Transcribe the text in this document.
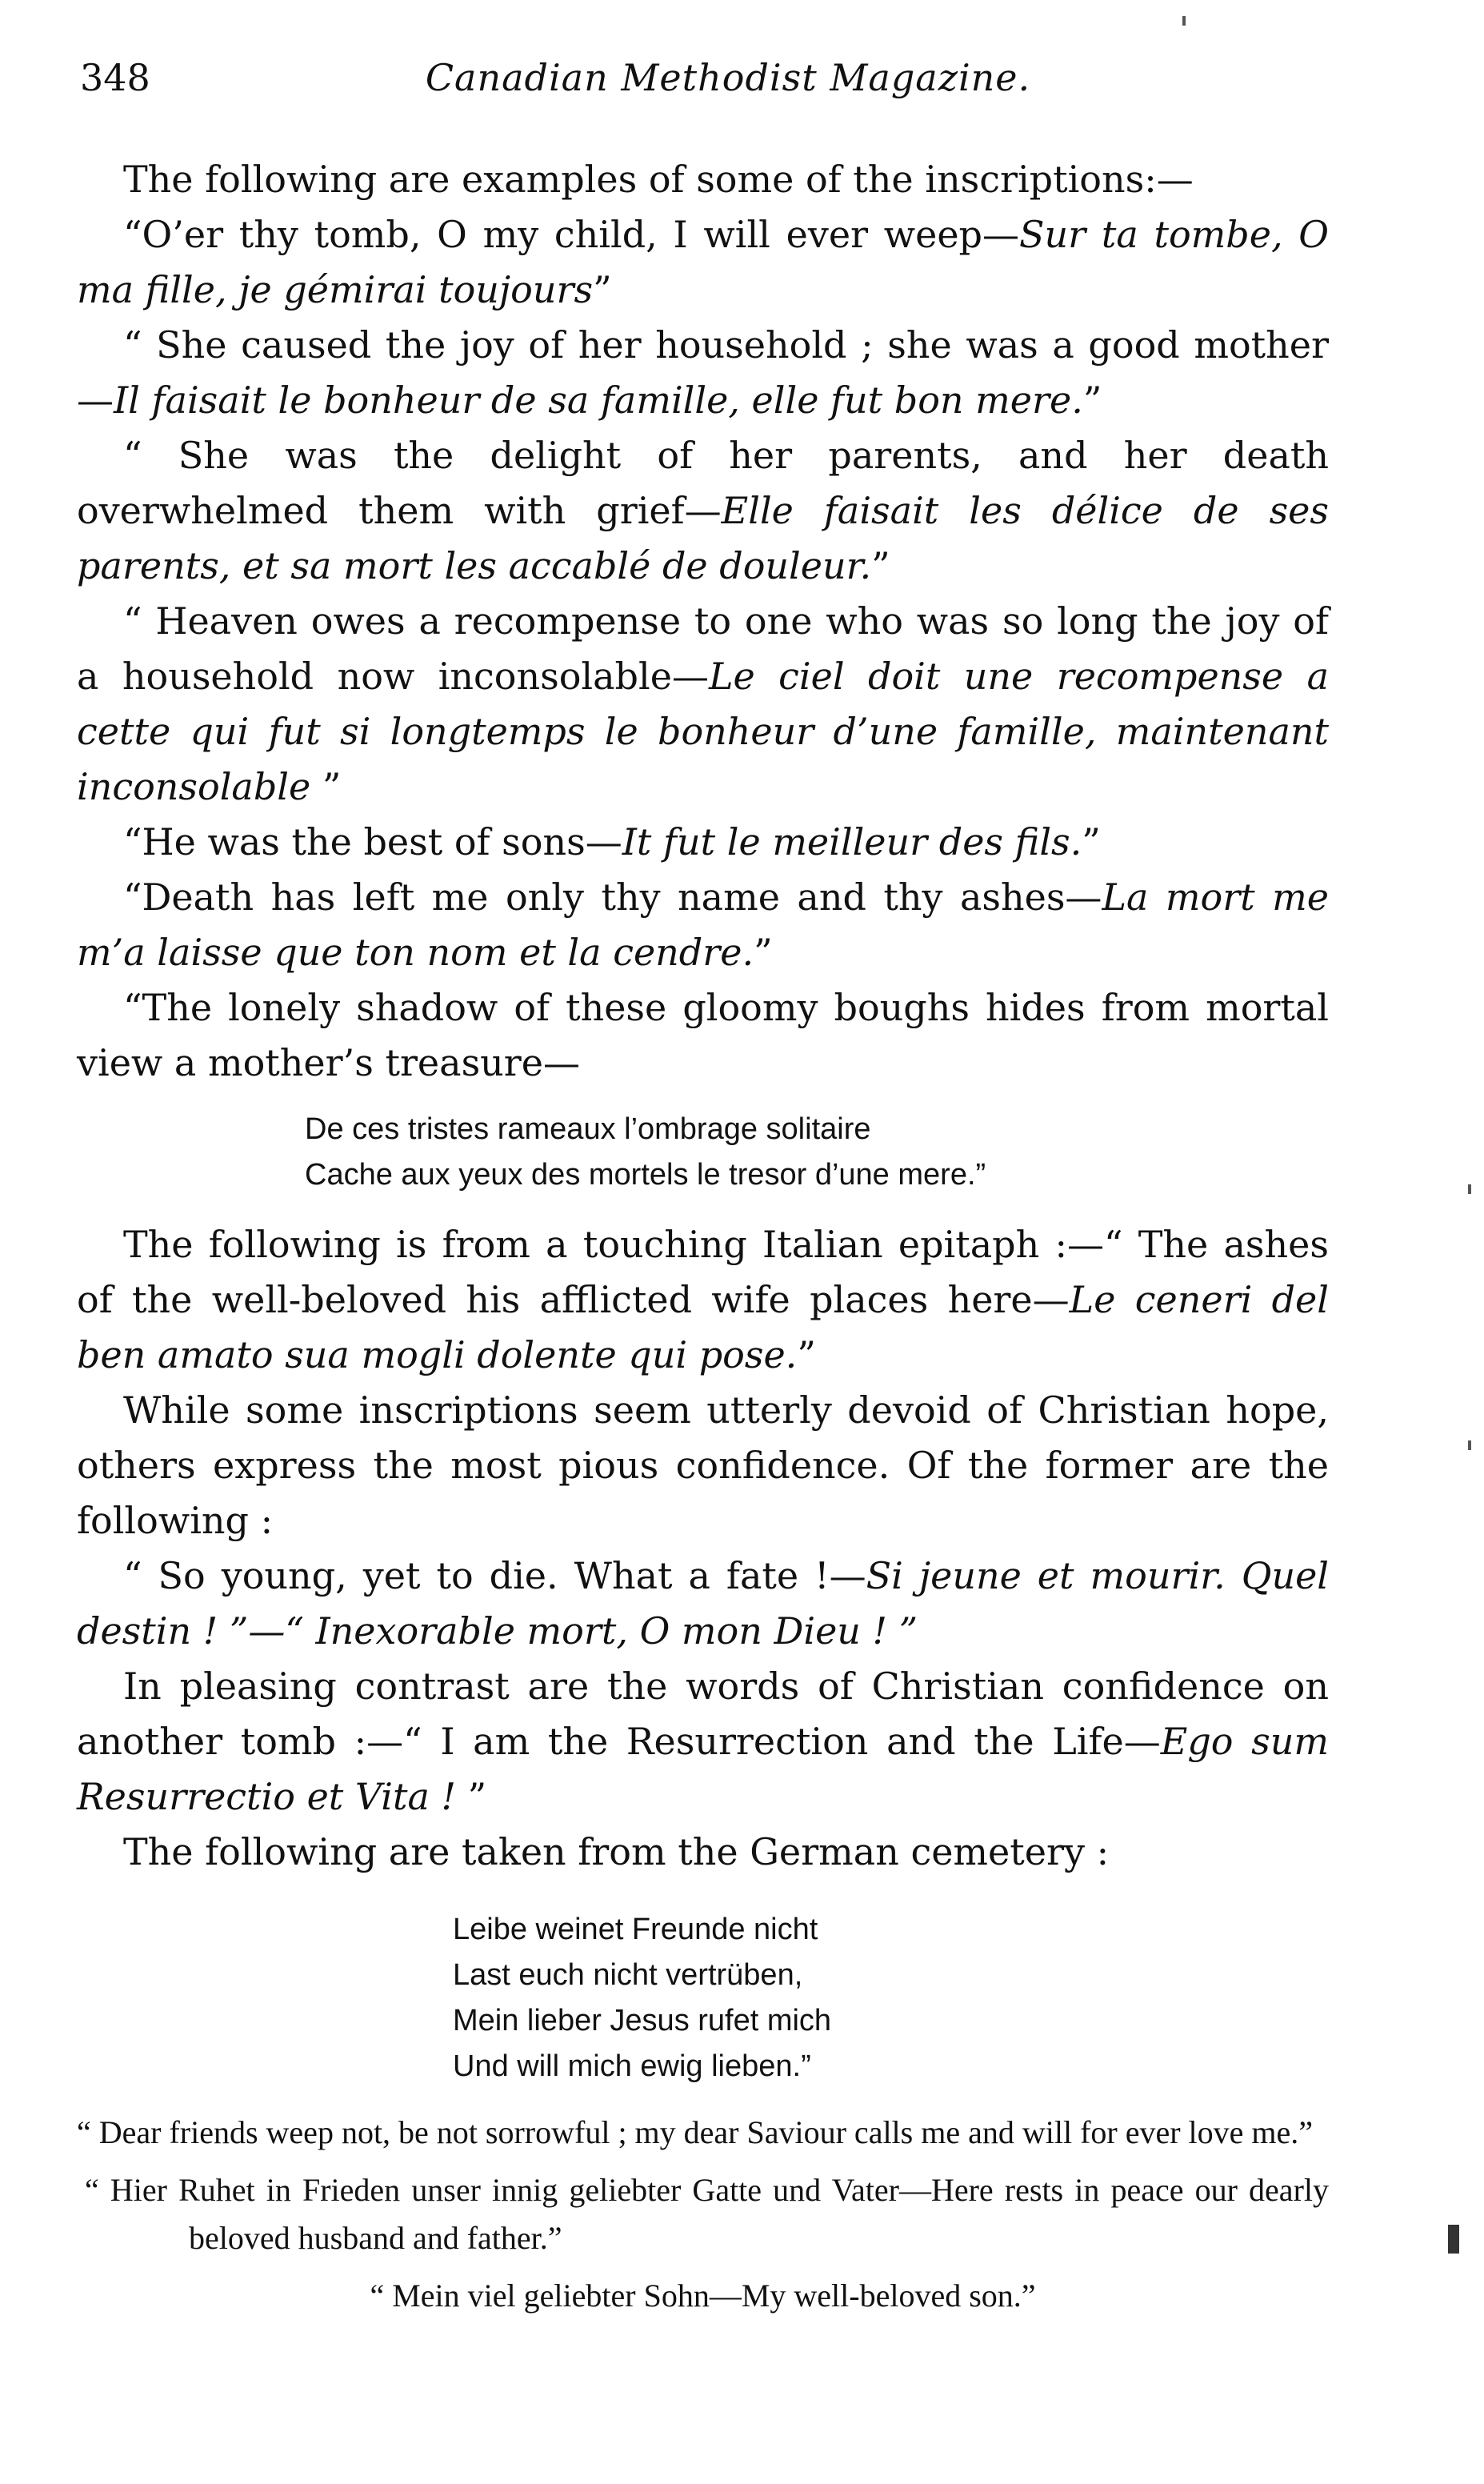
348	Canadian Methodist Magazine.

The following are examples of some of the inscriptions:—

“O’er thy tomb, O my child, I will ever weep—Sur ta tombe, O ma fille, je gémirai toujours”

“ She caused the joy of her household ; she was a good mother —Il faisait le bonheur de sa famille, elle fut bon mere.”

“ She was the delight of her parents, and her death overwhelmed them with grief—Elle faisait les délice de ses parents, et sa mort les accablé de douleur.”

“ Heaven owes a recompense to one who was so long the joy of a household now inconsolable—Le ciel doit une recompense a cette qui fut si longtemps le bonheur d’une famille, maintenant inconsolable ”

“He was the best of sons—It fut le meilleur des fils.”

“Death has left me only thy name and thy ashes—La mort me m’a laisse que ton nom et la cendre.”

“The lonely shadow of these gloomy boughs hides from mortal view a mother’s treasure—

De ces tristes rameaux l’ombrage solitaire
Cache aux yeux des mortels le tresor d’une mere.”

The following is from a touching Italian epitaph :—“ The ashes of the well-beloved his afflicted wife places here—Le ceneri del ben amato sua mogli dolente qui pose.”

While some inscriptions seem utterly devoid of Christian hope, others express the most pious confidence. Of the former are the following :

“ So young, yet to die. What a fate !—Si jeune et mourir. Quel destin ! ”—“ Inexorable mort, O mon Dieu ! ”

In pleasing contrast are the words of Christian confidence on another tomb :—“ I am the Resurrection and the Life—Ego sum Resurrectio et Vita ! ”

The following are taken from the German cemetery :

Leibe weinet Freunde nicht
Last euch nicht vertrüben,
Mein lieber Jesus rufet mich
Und will mich ewig lieben.”

“ Dear friends weep not, be not sorrowful ; my dear Saviour calls me and will for ever love me.”

“ Hier Ruhet in Frieden unser innig geliebter Gatte und Vater—Here rests in peace our dearly beloved husband and father.”

“ Mein viel geliebter Sohn—My well-beloved son.”
